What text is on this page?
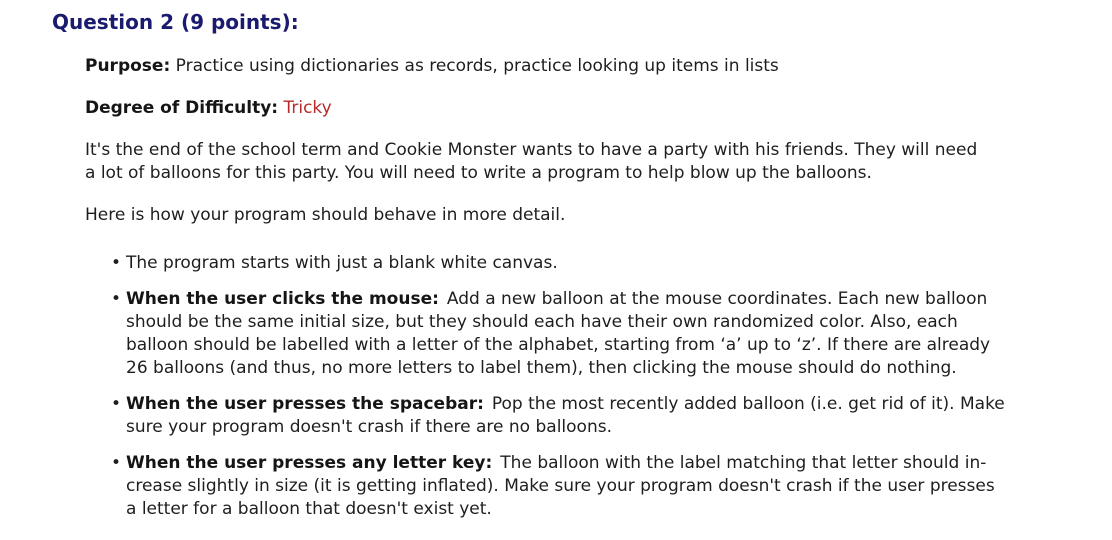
Question 2 (9 points):

Purpose: Practice using dictionaries as records, practice looking up items in lists

Degree of Difficulty: Tricky

It's the end of the school term and Cookie Monster wants to have a party with his friends. They will need

a lot of balloons for this party. You will need to write a program to help blow up the balloons.

Here is how your program should behave in more detail.

• The program starts with just a blank white canvas.
• When the user clicks the mouse: Add a new balloon at the mouse coordinates. Each new balloon
should be the same initial size, but they should each have their own randomized color. Also, each
balloon should be labelled with a letter of the alphabet, starting from ‘a’ up to ‘z’. If there are already
26 balloons (and thus, no more letters to label them), then clicking the mouse should do nothing.
• When the user presses the spacebar: Pop the most recently added balloon (i.e. get rid of it). Make
sure your program doesn't crash if there are no balloons.
• When the user presses any letter key: The balloon with the label matching that letter should in-
crease slightly in size (it is getting inflated). Make sure your program doesn't crash if the user presses
a letter for a balloon that doesn't exist yet.
